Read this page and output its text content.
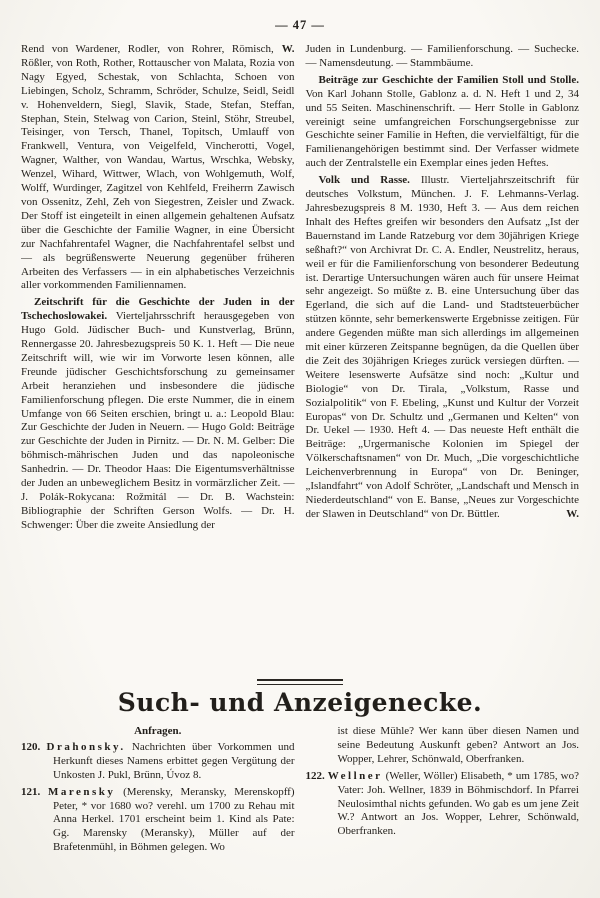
— 47 —

W.
Rend von Wardener, Rodler, von Rohrer, Römisch, Rößler, von Roth, Rother, Rottauscher von Malata, Rozia von Nagy Egyed, Schestak, von Schlachta, Schoen von Liebingen, Scholz, Schramm, Schröder, Schulze, Seidl, Seidl v. Hohenveldern, Siegl, Slavik, Stade, Stefan, Steffan, Stephan, Stein, Stelwag von Carion, Steinl, Stöhr, Streubel, Teisinger, von Tersch, Thanel, Topitsch, Umlauff von Frankwell, Ventura, von Veigelfeld, Vincherotti, Vogel, Wagner, Walther, von Wandau, Wartus, Wrschka, Websky, Wenzel, Wihard, Wittwer, Wlach, von Wohlgemuth, Wolf, Wolff, Wurdinger, Zagitzel von Kehlfeld, Freiherrn Zawisch von Ossenitz, Zehl, Zeh von Siegestren, Zeisler und Zwack. Der Stoff ist eingeteilt in einen allgemein gehaltenen Aufsatz über die Geschichte der Familie Wagner, in eine Übersicht zur Nachfahrentafel Wagner, die Nachfahrentafel selbst und — als begrüßenswerte Neuerung gegenüber früheren Arbeiten des Verfassers — in ein alphabetisches Verzeichnis aller vorkommenden Familiennamen.

Zeitschrift für die Geschichte der Juden in der Tschechoslowakei. Vierteljahrsschrift herausgegeben von Hugo Gold. Jüdischer Buch- und Kunstverlag, Brünn, Rennergasse 20. Jahresbezugspreis 50 K. 1. Heft — Die neue Zeitschrift will, wie wir im Vorworte lesen können, alle Freunde jüdischer Geschichtsforschung zu gemeinsamer Arbeit heranziehen und insbesondere die jüdische Familienforschung pflegen. Die erste Nummer, die in einem Umfange von 66 Seiten erschien, bringt u. a.: Leopold Blau: Zur Geschichte der Juden in Neuern. — Hugo Gold: Beiträge zur Geschichte der Juden in Pirnitz. — Dr. N. M. Gelber: Die böhmisch-mährischen Juden und das napoleonische Sanhedrin. — Dr. Theodor Haas: Die Eigentumsverhältnisse der Juden an unbeweglichem Besitz in vormärzlicher Zeit. — J. Polák-Rokycana: Rožmitál — Dr. B. Wachstein: Bibliographie der Schriften Gerson Wolfs. — Dr. H. Schwenger: Über die zweite Ansiedlung der

Juden in Lundenburg. — Familienforschung. — Suchecke. — Namensdeutung. — Stammbäume.

Beiträge zur Geschichte der Familien Stoll und Stolle. Von Karl Johann Stolle, Gablonz a. d. N. Heft 1 und 2, 34 und 55 Seiten. Maschinenschrift. — Herr Stolle in Gablonz vereinigt seine umfangreichen Forschungsergebnisse zur Geschichte seiner Familie in Heften, die vervielfältigt, für die Familienangehörigen bestimmt sind. Der Verfasser widmete auch der Zentralstelle ein Exemplar eines jeden Heftes.

Volk und Rasse. Illustr. Vierteljahrszeitschrift für deutsches Volkstum, München. J. F. Lehmanns-Verlag. Jahresbezugspreis 8 M. 1930, Heft 3. — Aus dem reichen Inhalt des Heftes greifen wir besonders den Aufsatz „Ist der Bauernstand im Lande Ratzeburg vor dem 30jährigen Kriege seßhaft?“ von Archivrat Dr. C. A. Endler, Neustrelitz, heraus, weil er für die Familienforschung von besonderer Bedeutung ist. Derartige Untersuchungen wären auch für unsere Heimat sehr angezeigt. So müßte z. B. eine Untersuchung über das Egerland, die sich auf die Land- und Stadtsteuerbücher stützen könnte, sehr bemerkenswerte Ergebnisse zeitigen. Für andere Gegenden müßte man sich allerdings im allgemeinen mit einer kürzeren Zeitspanne begnügen, da die Quellen über die Zeit des 30jährigen Krieges zurück versiegen dürften. — Weitere lesenswerte Aufsätze sind noch: „Kultur und Biologie“ von Dr. Tirala, „Volkstum, Rasse und Sozialpolitik“ von F. Ebeling, „Kunst und Kultur der Vorzeit Europas“ von Dr. Schultz und „Germanen und Kelten“ von Dr. Uekel — 1930. Heft 4. — Das neueste Heft enthält die Beiträge: „Urgermanische Kolonien im Spiegel der Völkerschaftsnamen“ von Dr. Much, „Die vorgeschichtliche Leichenverbrennung in Europa“ von Dr. Beninger, „Islandfahrt“ von Adolf Schröter, „Landschaft und Mensch in Niederdeutschland“ von E. Banse, „Neues zur Vorgeschichte der Slawen in Deutschland“ von Dr. Büttler.	W.

Such- und Anzeigenecke.
Anfragen.

120. Drahonsky. Nachrichten über Vorkommen und Herkunft dieses Namens erbittet gegen Vergütung der Unkosten J. Pukl, Brünn, Úvoz 8.

121. Marensky (Merensky, Meransky, Merenskopff) Peter, * vor 1680 wo? verehl. um 1700 zu Rehau mit Anna Herkel. 1701 erscheint beim 1. Kind als Pate: Gg. Marensky (Meransky), Müller auf der Brafetenmühl, in Böhmen gelegen. Wo

ist diese Mühle? Wer kann über diesen Namen und seine Bedeutung Auskunft geben? Antwort an Jos. Wopper, Lehrer, Schönwald, Oberfranken.

122. Wellner (Weller, Wöller) Elisabeth, * um 1785, wo? Vater: Joh. Wellner, 1839 in Böhmischdorf. In Pfarrei Neulosimthal nichts gefunden. Wo gab es um jene Zeit W.? Antwort an Jos. Wopper, Lehrer, Schönwald, Oberfranken.
